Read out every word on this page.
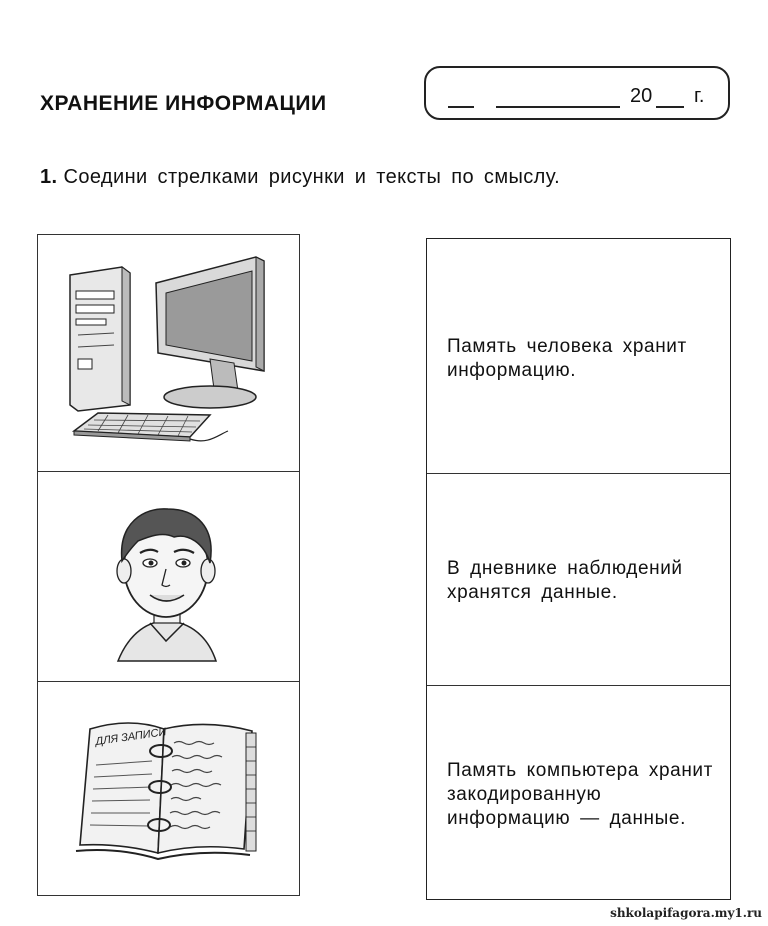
ХРАНЕНИЕ ИНФОРМАЦИИ	20 г.
1. Соедини стрелками рисунки и тексты по смыслу.
ДЛЯ ЗАПИСИ
Память человека хранит информацию.
В дневнике наблюдений хранятся данные.
Память компьютера хранит закодированную информацию — данные.
shkolapifagora.my1.ru
